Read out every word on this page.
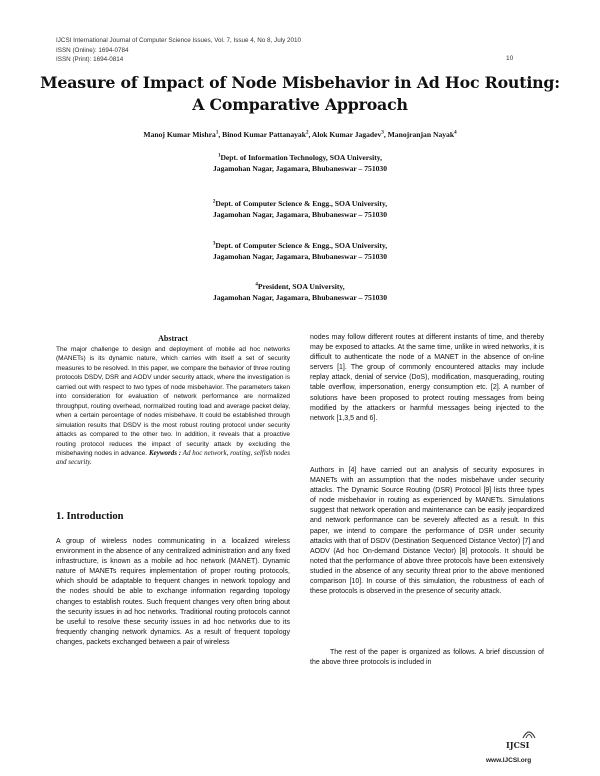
IJCSI International Journal of Computer Science Issues, Vol. 7, Issue 4, No 8, July 2010
ISSN (Online): 1694-0784
ISSN (Print): 1694-0814	10
Measure of Impact of Node Misbehavior in Ad Hoc Routing:
A Comparative Approach
Manoj Kumar Mishra$^1$, Binod Kumar Pattanayak$^2$, Alok Kumar Jagadev$^3$, Manojranjan Nayak$^4$
$^1$Dept. of Information Technology, SOA University,
Jagamohan Nagar, Jagamara, Bhubaneswar – 751030
$^2$Dept. of Computer Science & Engg., SOA University,
Jagamohan Nagar, Jagamara, Bhubaneswar – 751030
$^3$Dept. of Computer Science & Engg., SOA University,
Jagamohan Nagar, Jagamara, Bhubaneswar – 751030
$^4$President, SOA University,
Jagamohan Nagar, Jagamara, Bhubaneswar – 751030
Abstract
The major challenge to design and deployment of mobile ad hoc networks (MANETs) is its dynamic nature, which carries with itself a set of security measures to be resolved. In this paper, we compare the behavior of three routing protocols DSDV, DSR and AODV under security attack, where the investigation is carried out with respect to two types of node misbehavior. The parameters taken into consideration for evaluation of network performance are normalized throughput, routing overhead, normalized routing load and average packet delay, when a certain percentage of nodes misbehave. It could be established through simulation results that DSDV is the most robust routing protocol under security attacks as compared to the other two. In addition, it reveals that a proactive routing protocol reduces the impact of security attack by excluding the misbehaving nodes in advance. Keywords : Ad hoc network, routing, selfish nodes and security.
1. Introduction
A group of wireless nodes communicating in a localized wireless environment in the absence of any centralized administration and any fixed infrastructure, is known as a mobile ad hoc network (MANET). Dynamic nature of MANETs requires implementation of proper routing protocols, which should be adaptable to frequent changes in network topology and the nodes should be able to exchange information regarding topology changes to establish routes. Such frequent changes very often bring about the security issues in ad hoc networks. Traditional routing protocols cannot be useful to resolve these security issues in ad hoc networks due to its frequently changing network dynamics. As a result of frequent topology changes, packets exchanged between a pair of wireless
nodes may follow different routes at different instants of time, and thereby may be exposed to attacks. At the same time, unlike in wired networks, it is difficult to authenticate the node of a MANET in the absence of on-line servers [1]. The group of commonly encountered attacks may include replay attack, denial of service (DoS), modification, masquerading, routing table overflow, impersonation, energy consumption etc. [2]. A number of solutions have been proposed to protect routing messages from being modified by the attackers or harmful messages being injected to the network [1,3,5 and 6].
Authors in [4] have carried out an analysis of security exposures in MANETs with an assumption that the nodes misbehave under security attacks. The Dynamic Source Routing (DSR) Protocol [9] lists three types of node misbehavior in routing as experienced by MANETs. Simulations suggest that network operation and maintenance can be easily jeopardized and network performance can be severely affected as a result. In this paper, we intend to compare the performance of DSR under security attacks with that of DSDV (Destination Sequenced Distance Vector) [7] and AODV (Ad hoc On-demand Distance Vector) [8] protocols. It should be noted that the performance of above three protocols have been extensively studied in the absence of any security threat prior to the above mentioned comparison [10]. In course of this simulation, the robustness of each of these protocols is observed in the presence of security attack.
The rest of the paper is organized as follows. A brief discussion of the above three protocols is included in
IJCSI
www.IJCSI.org
